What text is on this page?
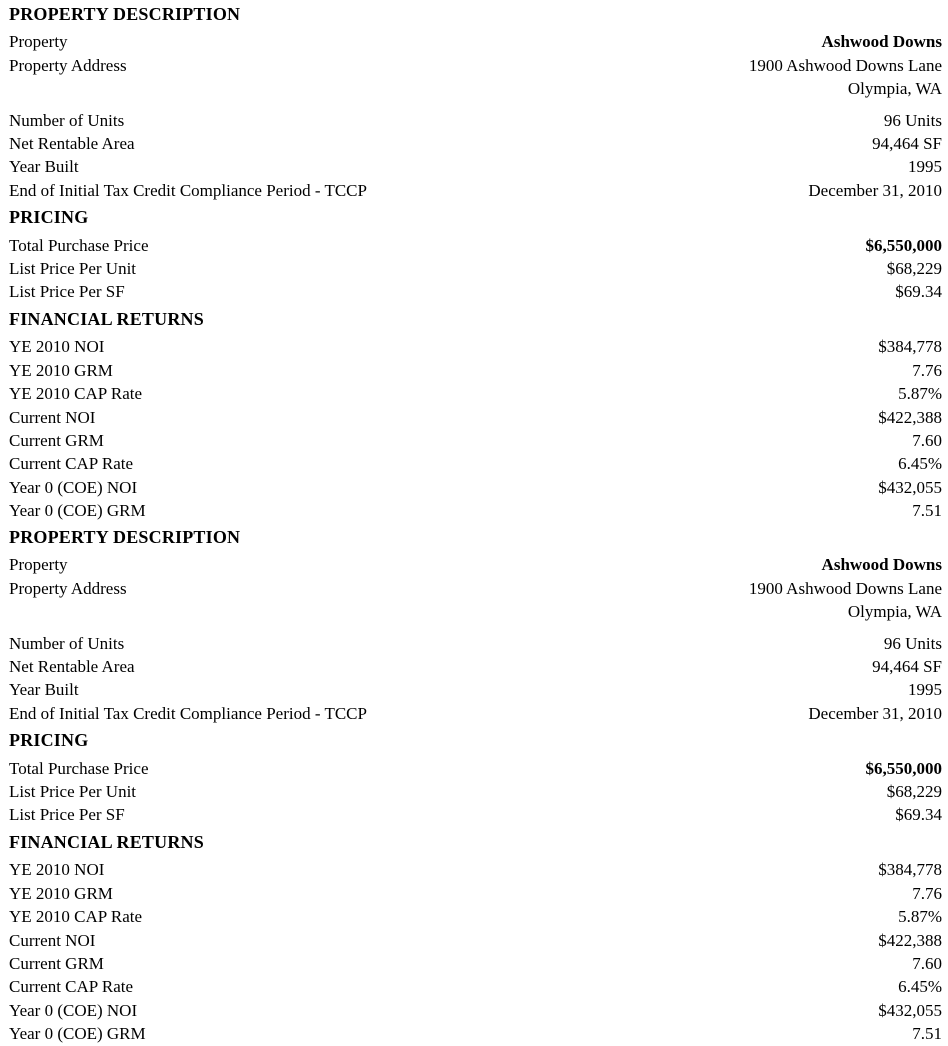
PROPERTY DESCRIPTION
Property	Ashwood Downs
Property Address	1900 Ashwood Downs Lane
Olympia, WA
Number of Units	96 Units
Net Rentable Area	94,464 SF
Year Built	1995
End of Initial Tax Credit Compliance Period - TCCP	December 31, 2010
PRICING
Total Purchase Price	$6,550,000
List Price Per Unit	$68,229
List Price Per SF	$69.34
FINANCIAL RETURNS
YE 2010 NOI	$384,778
YE 2010 GRM	7.76
YE 2010 CAP Rate	5.87%
Current NOI	$422,388
Current GRM	7.60
Current CAP Rate	6.45%
Year 0 (COE) NOI	$432,055
Year 0 (COE) GRM	7.51
PROPERTY DESCRIPTION
Property	Ashwood Downs
Property Address	1900 Ashwood Downs Lane
Olympia, WA
Number of Units	96 Units
Net Rentable Area	94,464 SF
Year Built	1995
End of Initial Tax Credit Compliance Period - TCCP	December 31, 2010
PRICING
Total Purchase Price	$6,550,000
List Price Per Unit	$68,229
List Price Per SF	$69.34
FINANCIAL RETURNS
YE 2010 NOI	$384,778
YE 2010 GRM	7.76
YE 2010 CAP Rate	5.87%
Current NOI	$422,388
Current GRM	7.60
Current CAP Rate	6.45%
Year 0 (COE) NOI	$432,055
Year 0 (COE) GRM	7.51
